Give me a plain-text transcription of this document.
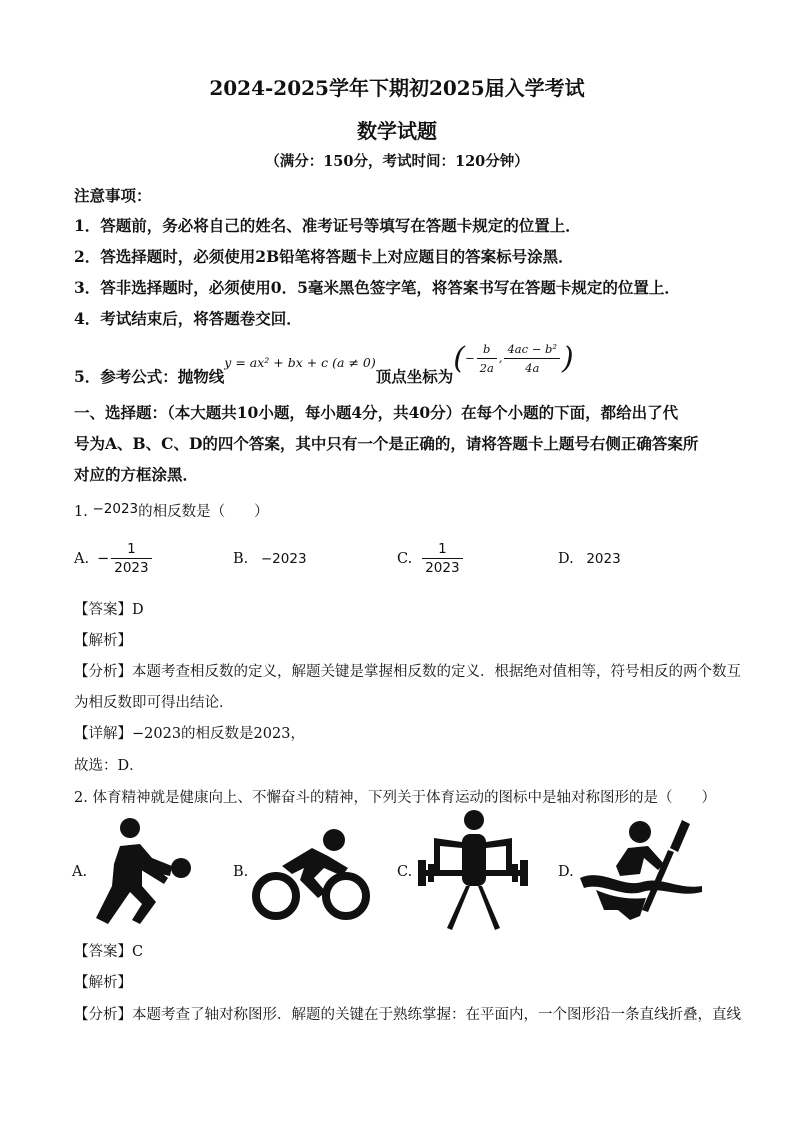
2024-2025学年下期初2025届入学考试
数学试题
（满分：150分，考试时间：120分钟）
注意事项：
1．答题前，务必将自己的姓名、准考证号等填写在答题卡规定的位置上．
2．答选择题时，必须使用2B铅笔将答题卡上对应题目的答案标号涂黑．
3．答非选择题时，必须使用0．5毫米黑色签字笔，将答案书写在答题卡规定的位置上．
4．考试结束后，将答题卷交回．
5．参考公式：抛物线
y = ax² + bx + c (a ≠ 0)
顶点坐标为
( − $\frac{b}{2a}$ , $\frac{\text{4ac − b²}}{4a}$ )
一、选择题：（本大题共10小题，每小题4分，共40分）在每个小题的下面，都给出了代
号为A、B、C、D的四个答案，其中只有一个是正确的，请将答题卡上题号右侧正确答案所
对应的方框涂黑．
1. −2023的相反数是（　　）
A. − $\frac{1}{2023}$	B. −2023	C. $\frac{1}{2023}$	D. 2023
【答案】D
【解析】
【分析】本题考查相反数的定义，解题关键是掌握相反数的定义．根据绝对值相等，符号相反的两个数互
为相反数即可得出结论．
【详解】−2023的相反数是2023，
故选：D．
2. 体育精神就是健康向上、不懈奋斗的精神，下列关于体育运动的图标中是轴对称图形的是（　　）
A.	B.	C.	D.
【答案】C
【解析】
【分析】本题考查了轴对称图形．解题的关键在于熟练掌握：在平面内，一个图形沿一条直线折叠，直线
